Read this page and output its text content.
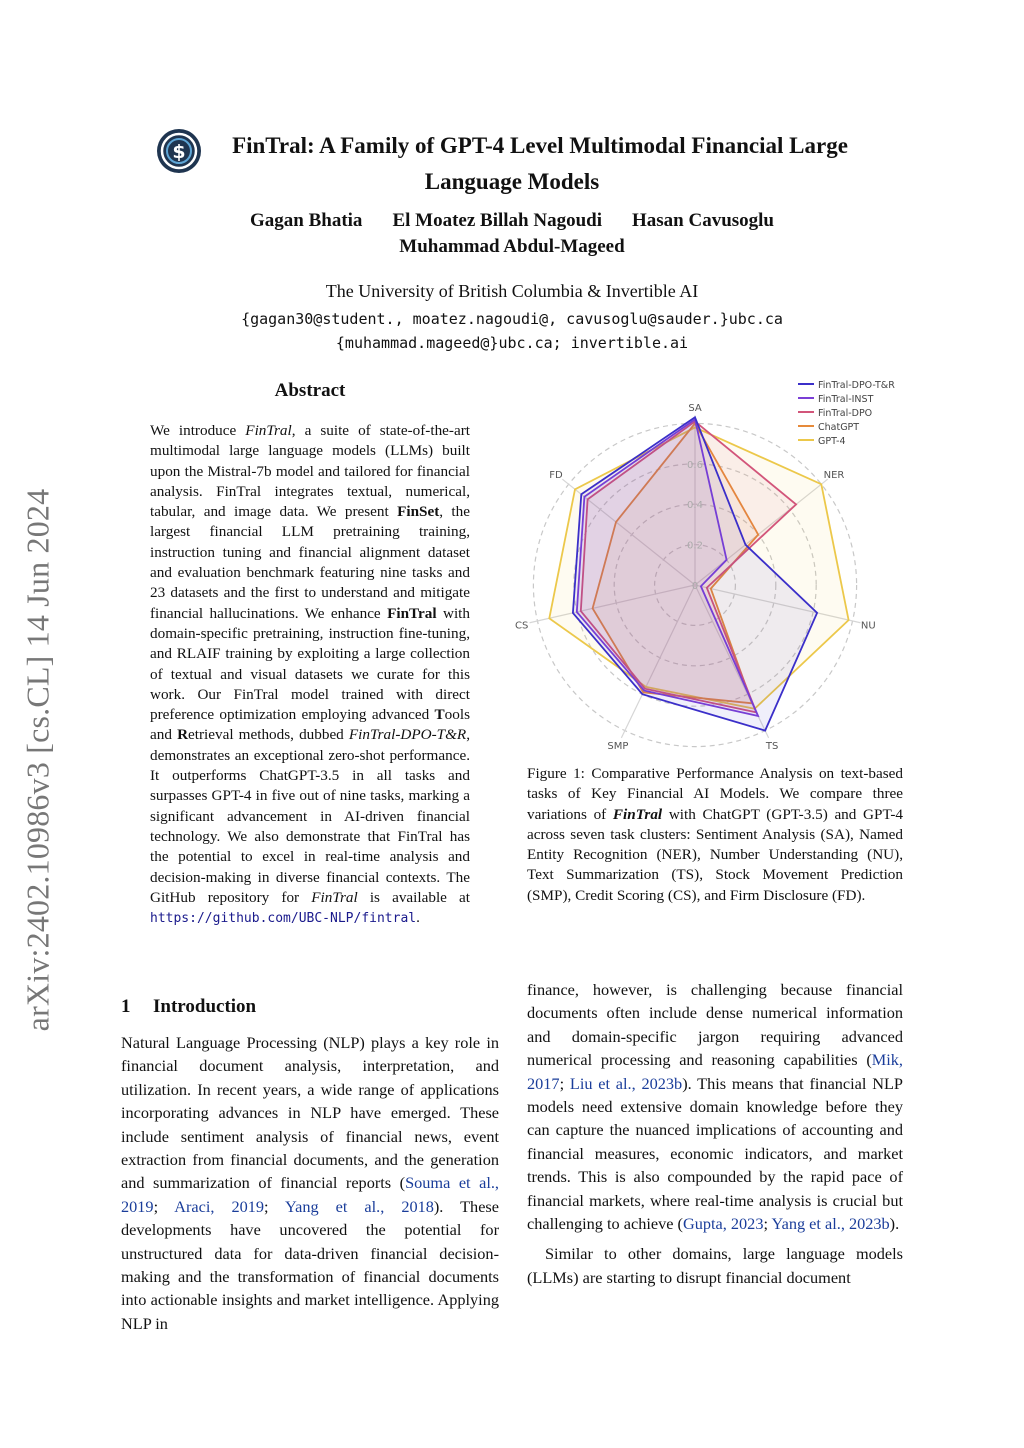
arXiv:2402.10986v3 [cs.CL] 14 Jun 2024
$	FinTral: A Family of GPT-4 Level Multimodal Financial Large
Language Models
Gagan Bhatia El Moatez Billah Nagoudi Hasan Cavusoglu
Muhammad Abdul-Mageed
The University of British Columbia & Invertible AI
{gagan30@student., moatez.nagoudi@, cavusoglu@sauder.}ubc.ca
{muhammad.mageed@}ubc.ca; invertible.ai
Abstract
We introduce FinTral, a suite of state-of-the-art multimodal large language models (LLMs) built upon the Mistral-7b model and tailored for financial analysis. FinTral integrates textual, numerical, tabular, and image data. We present FinSet, the largest financial LLM pretraining training, instruction tuning and financial alignment dataset and evaluation benchmark featuring nine tasks and 23 datasets and the first to understand and mitigate financial hallucinations. We enhance FinTral with domain-specific pretraining, instruction fine-tuning, and RLAIF training by exploiting a large collection of textual and visual datasets we curate for this work. Our FinTral model trained with direct preference optimization employing advanced Tools and Retrieval methods, dubbed FinTral-DPO-T&R, demonstrates an exceptional zero-shot performance. It outperforms ChatGPT-3.5 in all tasks and surpasses GPT-4 in five out of nine tasks, marking a significant advancement in AI-driven financial technology. We also demonstrate that FinTral has the potential to excel in real-time analysis and decision-making in diverse financial contexts. The GitHub repository for FinTral is available at https://github.com/UBC-NLP/fintral.
1 Introduction

Natural Language Processing (NLP) plays a key role in financial document analysis, interpretation, and utilization. In recent years, a wide range of applications incorporating advances in NLP have emerged. These include sentiment analysis of financial news, event extraction from financial documents, and the generation and summarization of financial reports (Souma et al., 2019; Araci, 2019; Yang et al., 2018). These developments have uncovered the potential for unstructured data for data-driven financial decision-making and the transformation of financial documents into actionable insights and market intelligence. Applying NLP in

0
0.2
0.4
0.6
SA
NER
NU
TS
SMP
CS
FD
FinTral-DPO-T&R
FinTral-INST
FinTral-DPO
ChatGPT
GPT-4
Figure 1: Comparative Performance Analysis on text-based tasks of Key Financial AI Models. We compare three variations of FinTral with ChatGPT (GPT-3.5) and GPT-4 across seven task clusters: Sentiment Analysis (SA), Named Entity Recognition (NER), Number Understanding (NU), Text Summarization (TS), Stock Movement Prediction (SMP), Credit Scoring (CS), and Firm Disclosure (FD).

finance, however, is challenging because financial documents often include dense numerical information and domain-specific jargon requiring advanced numerical processing and reasoning capabilities (Mik, 2017; Liu et al., 2023b). This means that financial NLP models need extensive domain knowledge before they can capture the nuanced implications of accounting and financial measures, economic indicators, and market trends. This is also compounded by the rapid pace of financial markets, where real-time analysis is crucial but challenging to achieve (Gupta, 2023; Yang et al., 2023b).

Similar to other domains, large language models (LLMs) are starting to disrupt financial document
